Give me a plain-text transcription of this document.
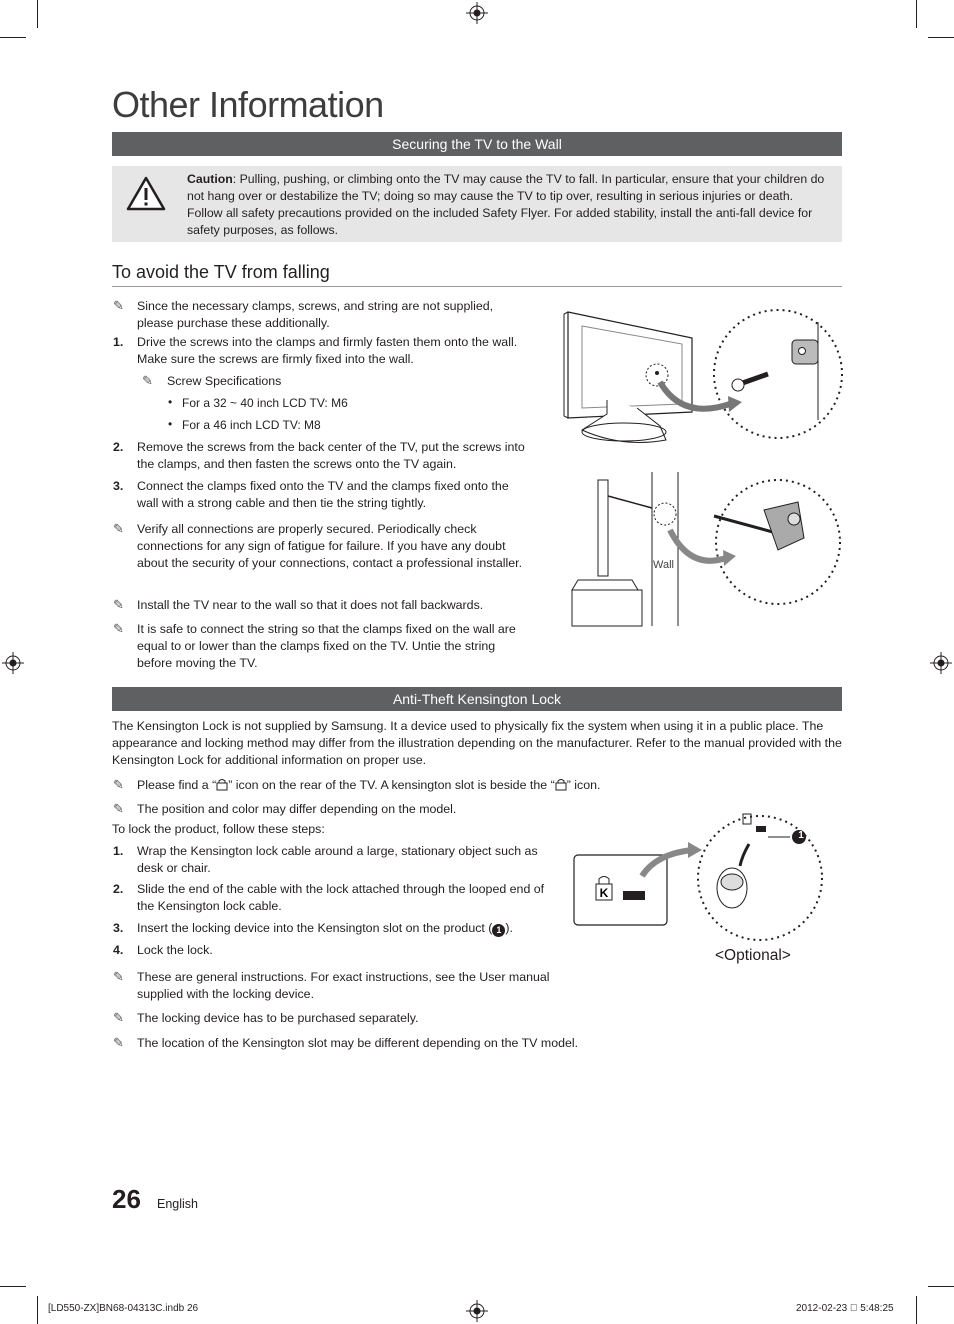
Other Information
Securing the TV to the Wall
Caution: Pulling, pushing, or climbing onto the TV may cause the TV to fall. In particular, ensure that your children do not hang over or destabilize the TV; doing so may cause the TV to tip over, resulting in serious injuries or death. Follow all safety precautions provided on the included Safety Flyer. For added stability, install the anti-fall device for safety purposes, as follows.
To avoid the TV from falling
✎ Since the necessary clamps, screws, and string are not supplied, please purchase these additionally.
1. Drive the screws into the clamps and firmly fasten them onto the wall. Make sure the screws are firmly fixed into the wall.
✎ Screw Specifications
• For a 32 ~ 40 inch LCD TV: M6
• For a 46 inch LCD TV: M8
2. Remove the screws from the back center of the TV, put the screws into the clamps, and then fasten the screws onto the TV again.
3. Connect the clamps fixed onto the TV and the clamps fixed onto the wall with a strong cable and then tie the string tightly.
✎ Verify all connections are properly secured. Periodically check connections for any sign of fatigue for failure. If you have any doubt about the security of your connections, contact a professional installer.
✎ Install the TV near to the wall so that it does not fall backwards.
✎ It is safe to connect the string so that the clamps fixed on the wall are equal to or lower than the clamps fixed on the TV. Untie the string before moving the TV.
Wall
Anti-Theft Kensington Lock
The Kensington Lock is not supplied by Samsung. It a device used to physically fix the system when using it in a public place. The appearance and locking method may differ from the illustration depending on the manufacturer. Refer to the manual provided with the Kensington Lock for additional information on proper use.
✎ Please find a “ ” icon on the rear of the TV. A kensington slot is beside the “ ” icon.
✎ The position and color may differ depending on the model.
To lock the product, follow these steps:
1. Wrap the Kensington lock cable around a large, stationary object such as desk or chair.
2. Slide the end of the cable with the lock attached through the looped end of the Kensington lock cable.
3. Insert the locking device into the Kensington slot on the product ( 1 ).
4. Lock the lock.
✎ These are general instructions. For exact instructions, see the User manual supplied with the locking device.
✎ The locking device has to be purchased separately.
✎ The location of the Kensington slot may be different depending on the TV model.
K
1
<Optional>
26 English
[LD550-ZX]BN68-04313C.indb 26	2012-02-23 ￿ 5:48:25
